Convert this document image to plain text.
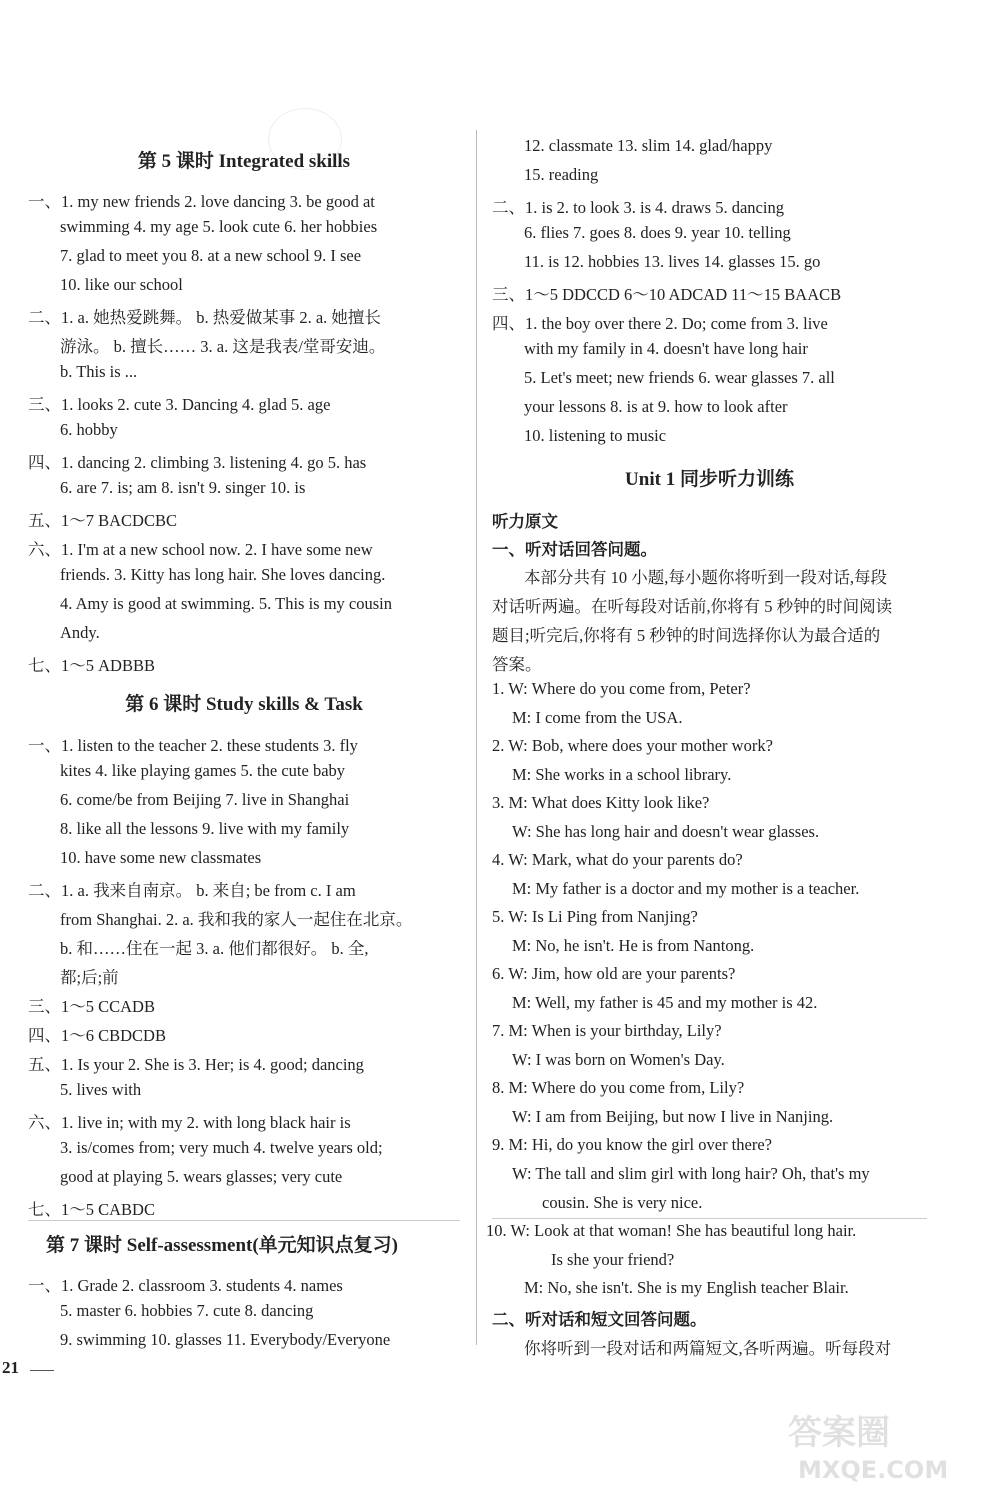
第 5 课时 Integrated skills
一、1. my new friends 2. love dancing 3. be good at
swimming 4. my age 5. look cute 6. her hobbies
7. glad to meet you 8. at a new school 9. I see
10. like our school
二、1. a. 她热爱跳舞。 b. 热爱做某事 2. a. 她擅长
游泳。 b. 擅长…… 3. a. 这是我表/堂哥安迪。
b. This is ...
三、1. looks 2. cute 3. Dancing 4. glad 5. age
6. hobby
四、1. dancing 2. climbing 3. listening 4. go 5. has
6. are 7. is; am 8. isn't 9. singer 10. is
五、1～7 BACDCBC
六、1. I'm at a new school now. 2. I have some new
friends. 3. Kitty has long hair. She loves dancing.
4. Amy is good at swimming. 5. This is my cousin
Andy.
七、1～5 ADBBB
第 6 课时 Study skills & Task
一、1. listen to the teacher 2. these students 3. fly
kites 4. like playing games 5. the cute baby
6. come/be from Beijing 7. live in Shanghai
8. like all the lessons 9. live with my family
10. have some new classmates
二、1. a. 我来自南京。 b. 来自; be from c. I am
from Shanghai. 2. a. 我和我的家人一起住在北京。
b. 和……住在一起 3. a. 他们都很好。 b. 全,
都;后;前
三、1～5 CCADB
四、1～6 CBDCDB
五、1. Is your 2. She is 3. Her; is 4. good; dancing
5. lives with
六、1. live in; with my 2. with long black hair is
3. is/comes from; very much 4. twelve years old;
good at playing 5. wears glasses; very cute
七、1～5 CABDC
第 7 课时 Self-assessment(单元知识点复习)
一、1. Grade 2. classroom 3. students 4. names
5. master 6. hobbies 7. cute 8. dancing
9. swimming 10. glasses 11. Everybody/Everyone
12. classmate 13. slim 14. glad/happy
15. reading
二、1. is 2. to look 3. is 4. draws 5. dancing
6. flies 7. goes 8. does 9. year 10. telling
11. is 12. hobbies 13. lives 14. glasses 15. go
三、1～5 DDCCD 6～10 ADCAD 11～15 BAACB
四、1. the boy over there 2. Do; come from 3. live
with my family in 4. doesn't have long hair
5. Let's meet; new friends 6. wear glasses 7. all
your lessons 8. is at 9. how to look after
10. listening to music
Unit 1 同步听力训练
听力原文
一、听对话回答问题。
本部分共有 10 小题,每小题你将听到一段对话,每段
对话听两遍。在听每段对话前,你将有 5 秒钟的时间阅读
题目;听完后,你将有 5 秒钟的时间选择你认为最合适的
答案。
1. W: Where do you come from, Peter?
M: I come from the USA.
2. W: Bob, where does your mother work?
M: She works in a school library.
3. M: What does Kitty look like?
W: She has long hair and doesn't wear glasses.
4. W: Mark, what do your parents do?
M: My father is a doctor and my mother is a teacher.
5. W: Is Li Ping from Nanjing?
M: No, he isn't. He is from Nantong.
6. W: Jim, how old are your parents?
M: Well, my father is 45 and my mother is 42.
7. M: When is your birthday, Lily?
W: I was born on Women's Day.
8. M: Where do you come from, Lily?
W: I am from Beijing, but now I live in Nanjing.
9. M: Hi, do you know the girl over there?
W: The tall and slim girl with long hair? Oh, that's my
cousin. She is very nice.
10. W: Look at that woman! She has beautiful long hair.
Is she your friend?
M: No, she isn't. She is my English teacher Blair.
二、听对话和短文回答问题。
你将听到一段对话和两篇短文,各听两遍。听每段对
21
答案圈
MXQE.COM
